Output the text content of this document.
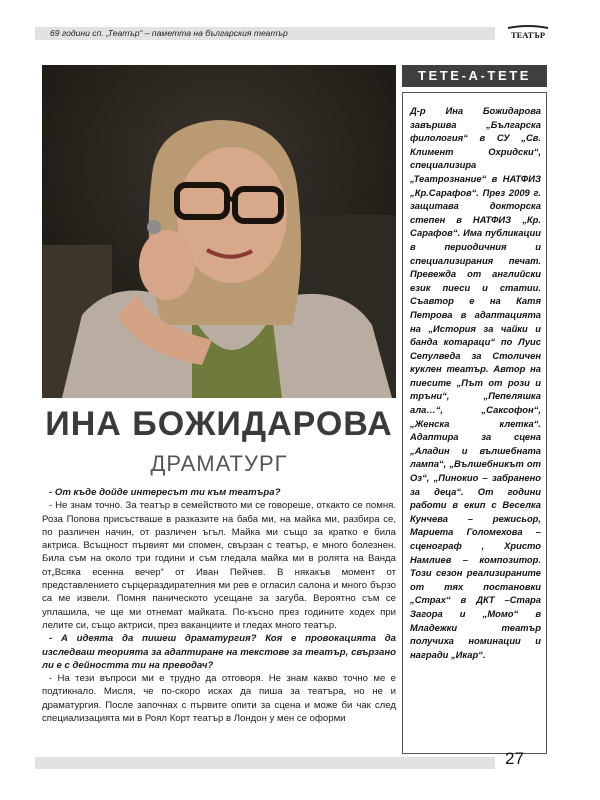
69 години сп. „Театър“ – паметта на българския театър	ТЕАТЪР
ТЕТЕ-А-ТЕТЕ
Д-р Ина Божидарова завършва „Българска филология“ в СУ „Св. Климент Охридски“, специализира „Театрознание“ в НАТФИЗ „Кр.Сарафов“. През 2009 г. защитава докторска степен в НАТФИЗ „Кр. Сарафов“. Има публикации в периодичния и специализирания печат. Превежда от английски език пиеси и статии. Съавтор е на Катя Петрова в адаптацията на „История за чайки и банда котараци“ по Луис Сепулведа за Столичен куклен театър. Автор на пиесите „Път от рози и тръни“, „Пепеляшка ала…“, „Саксофон“, „Женска клетка“. Адаптира за сцена „Аладин и вълшебната лампа“, „Вълшебникът от Оз“, „Пинокио – забранено за деца“. От години работи в екип с Веселка Кунчева – режисьор, Мариета Голомехова – сценограф , Христо Намлиев – композитор. Този сезон реализираните от тях постановки „Страх“ в ДКТ –Стара Загора и „Момо“ в Младежки театър получиха номинации и награди „Икар“.
ИНА БОЖИДАРОВА
ДРАМАТУРГ

- От къде дойде интересът ти към театъра?

- Не знам точно. За театър в семейството ми се говореше, откакто се помня. Роза Попова присъстваше в разказите на баба ми, на майка ми, разбира се, по различен начин, от различен ъгъл. Майка ми също за кратко е била актриса. Всъщност първият ми спомен, свързан с театър, е много болезнен. Била съм на около три години и съм гледала майка ми в ролята на Ванда от„Всяка есенна вечер“ от Иван Пейчев. В някакъв момент от представлението сърцераздирателния ми рев е огласил салона и много бързо са ме извели. Помня паническото усещане за загуба. Вероятно съм се уплашила, че ще ми отнемат майката. По-късно през годините ходех при лелите си, също актриси, през ваканциите и гледах много театър.

- А идеята да пишеш драматургия? Коя е провокацията да изследваш теорията за адаптиране на текстове за театър, свързано ли е с дейността ти на преводач?

- На тези въпроси ми е трудно да отговоря. Не знам какво точно ме е подтикнало. Мисля, че по-скоро исках да пиша за театъра, но не и драматургия. После започнах с първите опити за сцена и може би чак след специализацията ми в Роял Корт театър в Лондон у мен се оформи

27
